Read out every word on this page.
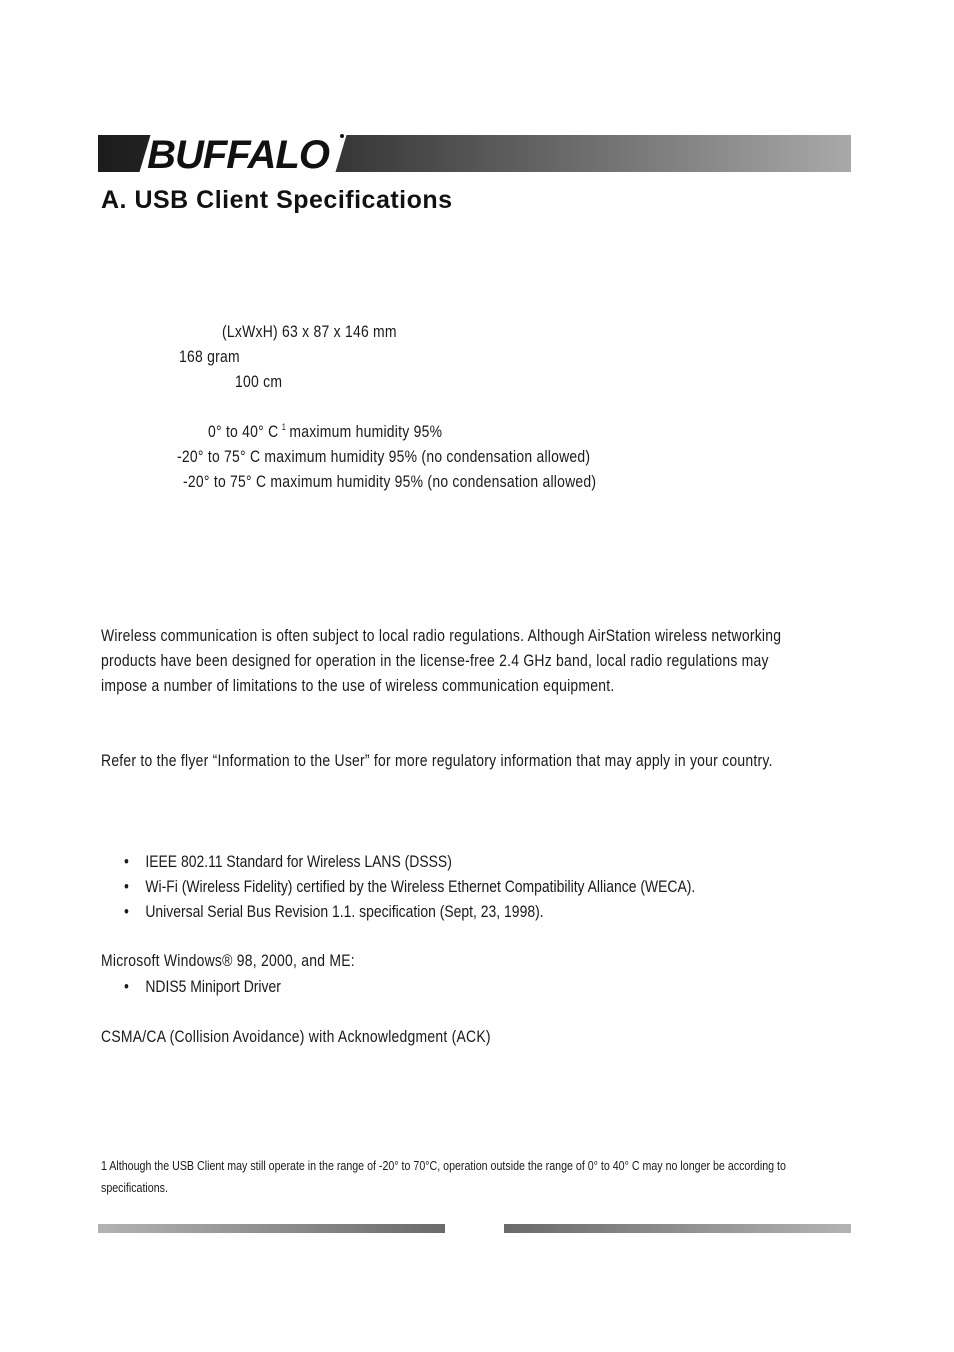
BUFFALO
A. USB Client Specifications
(LxWxH) 63 x 87 x 146 mm
168 gram
100 cm
0° to 40° C $^1$ maximum humidity 95%
-20° to 75° C maximum humidity 95% (no condensation allowed)
-20° to 75° C maximum humidity 95% (no condensation allowed)
Wireless communication is often subject to local radio regulations. Although AirStation wireless networking products have been designed for operation in the license-free 2.4 GHz band, local radio regulations may impose a number of limitations to the use of wireless communication equipment.
Refer to the flyer “Information to the User” for more regulatory information that may apply in your country.
• IEEE 802.11 Standard for Wireless LANS (DSSS)
• Wi-Fi (Wireless Fidelity) certified by the Wireless Ethernet Compatibility Alliance (WECA).
• Universal Serial Bus Revision 1.1. specification (Sept, 23, 1998).
Microsoft Windows® 98, 2000, and ME:
• NDIS5 Miniport Driver
CSMA/CA (Collision Avoidance) with Acknowledgment (ACK)
1 Although the USB Client may still operate in the range of -20° to 70°C, operation outside the range of 0° to 40° C may no longer be according to specifications.
